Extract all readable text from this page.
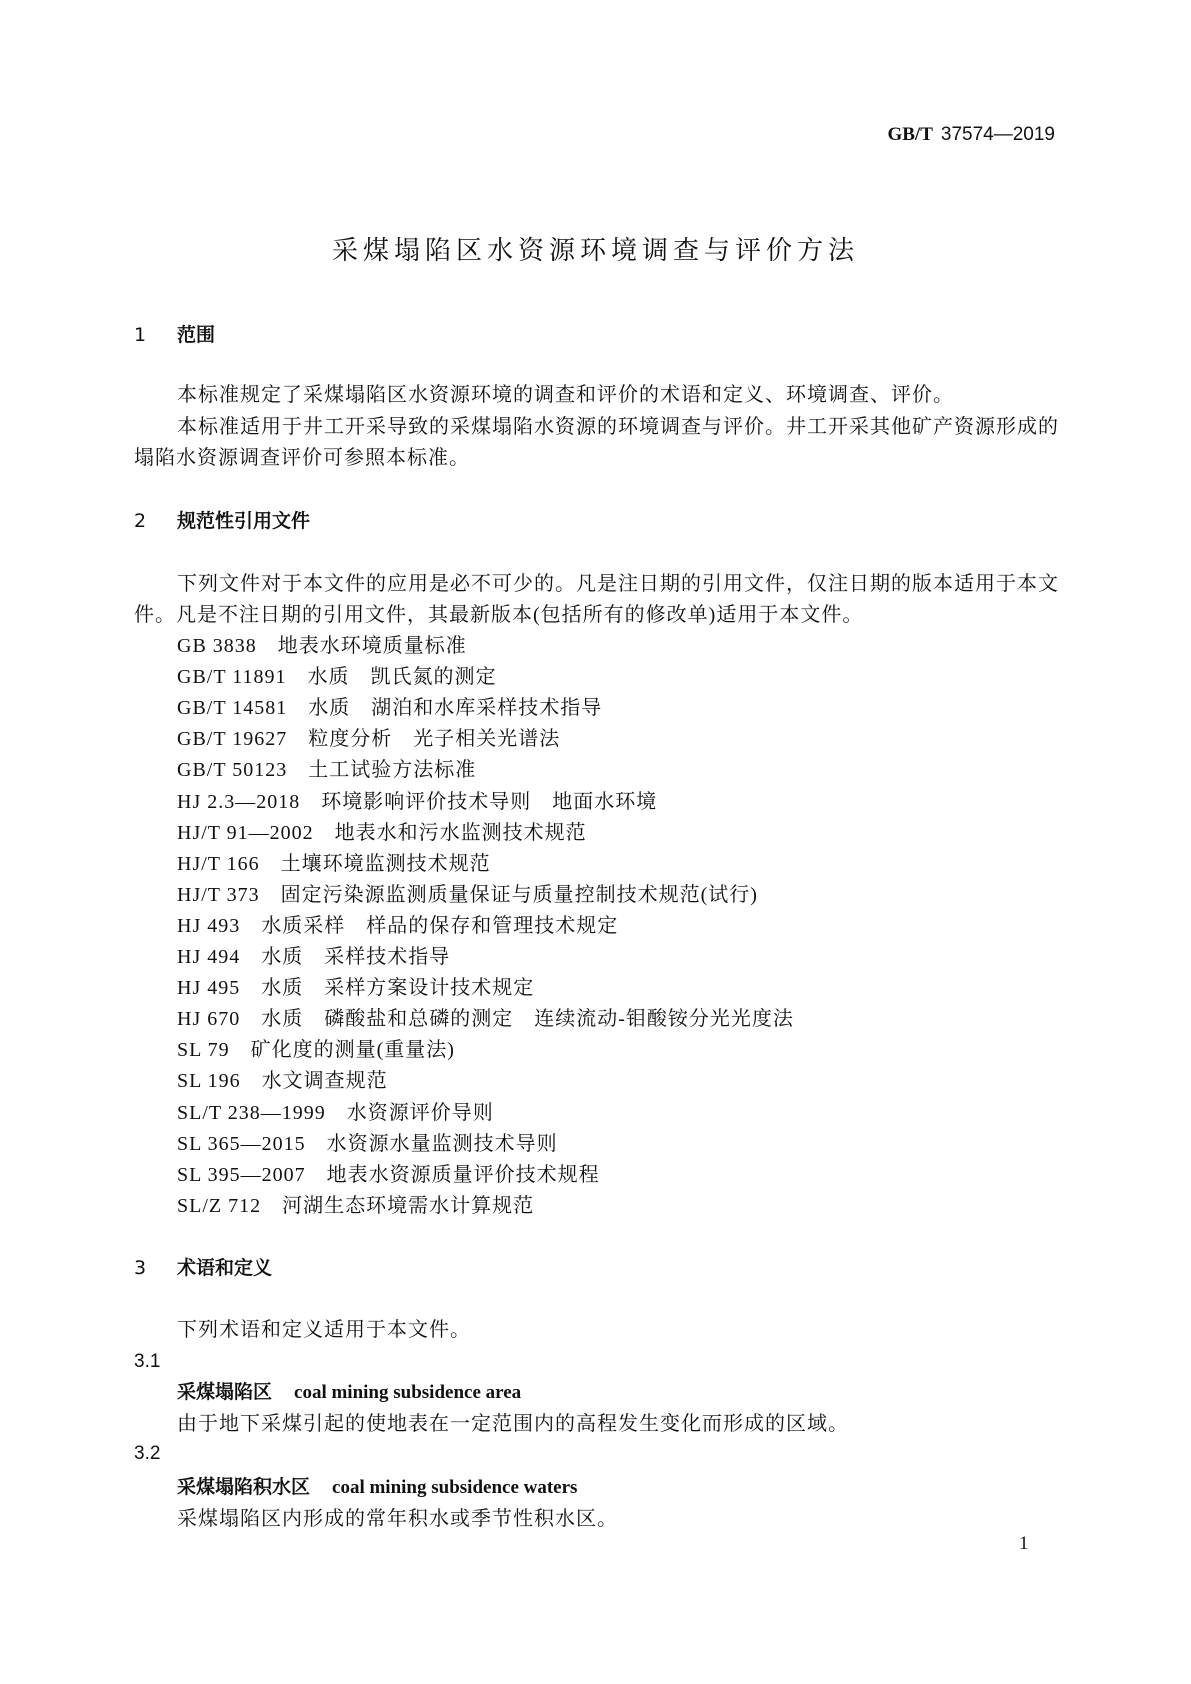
GB/T 37574—2019
采煤塌陷区水资源环境调查与评价方法
1 范围
本标准规定了采煤塌陷区水资源环境的调查和评价的术语和定义、环境调查、评价。
本标准适用于井工开采导致的采煤塌陷水资源的环境调查与评价。井工开采其他矿产资源形成的
塌陷水资源调查评价可参照本标准。
2 规范性引用文件
下列文件对于本文件的应用是必不可少的。凡是注日期的引用文件，仅注日期的版本适用于本文
件。凡是不注日期的引用文件，其最新版本(包括所有的修改单)适用于本文件。
GB 3838　地表水环境质量标准
GB/T 11891　水质　凯氏氮的测定
GB/T 14581　水质　湖泊和水库采样技术指导
GB/T 19627　粒度分析　光子相关光谱法
GB/T 50123　土工试验方法标准
HJ 2.3—2018　环境影响评价技术导则　地面水环境
HJ/T 91—2002　地表水和污水监测技术规范
HJ/T 166　土壤环境监测技术规范
HJ/T 373　固定污染源监测质量保证与质量控制技术规范(试行)
HJ 493　水质采样　样品的保存和管理技术规定
HJ 494　水质　采样技术指导
HJ 495　水质　采样方案设计技术规定
HJ 670　水质　磷酸盐和总磷的测定　连续流动-钼酸铵分光光度法
SL 79　矿化度的测量(重量法)
SL 196　水文调查规范
SL/T 238—1999　水资源评价导则
SL 365—2015　水资源水量监测技术导则
SL 395—2007　地表水资源质量评价技术规程
SL/Z 712　河湖生态环境需水计算规范
3 术语和定义
下列术语和定义适用于本文件。
3.1
采煤塌陷区 coal mining subsidence area
由于地下采煤引起的使地表在一定范围内的高程发生变化而形成的区域。
3.2
采煤塌陷积水区 coal mining subsidence waters
采煤塌陷区内形成的常年积水或季节性积水区。
1
